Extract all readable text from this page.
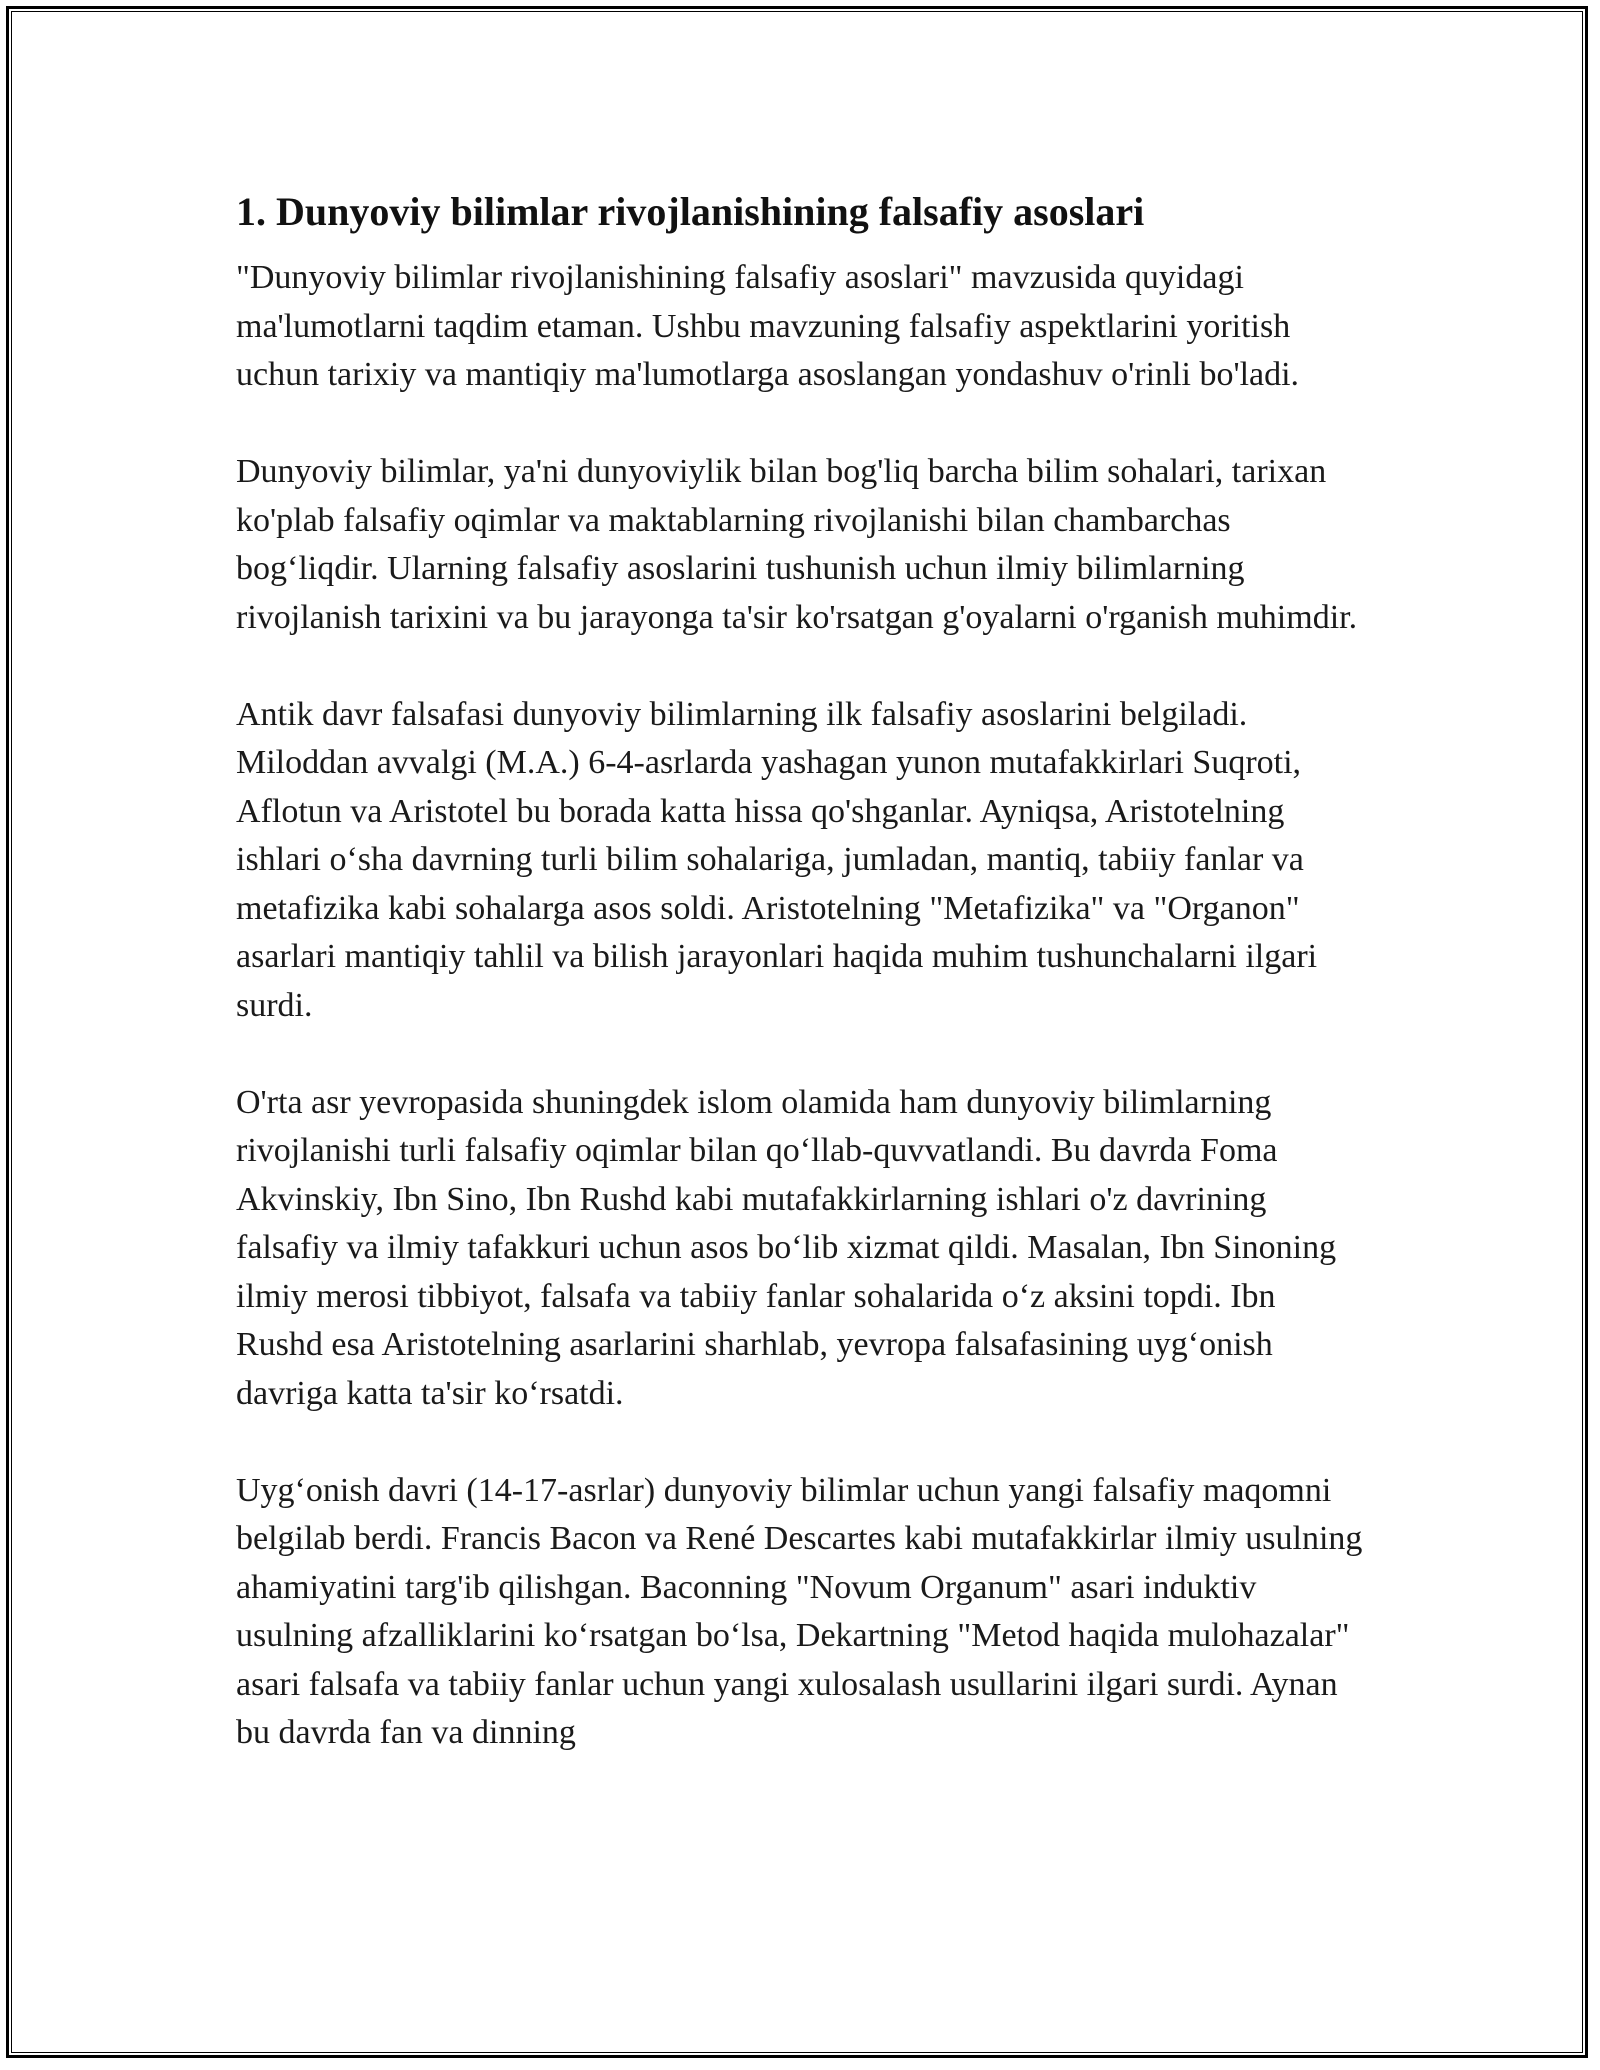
1. Dunyoviy bilimlar rivojlanishining falsafiy asoslari

"Dunyoviy bilimlar rivojlanishining falsafiy asoslari" mavzusida quyidagi ma'lumotlarni taqdim etaman. Ushbu mavzuning falsafiy aspektlarini yoritish uchun tarixiy va mantiqiy ma'lumotlarga asoslangan yondashuv o'rinli bo'ladi.

Dunyoviy bilimlar, ya'ni dunyoviylik bilan bog'liq barcha bilim sohalari, tarixan ko'plab falsafiy oqimlar va maktablarning rivojlanishi bilan chambarchas bog‘liqdir. Ularning falsafiy asoslarini tushunish uchun ilmiy bilimlarning rivojlanish tarixini va bu jarayonga ta'sir ko'rsatgan g'oyalarni o'rganish muhimdir.

Antik davr falsafasi dunyoviy bilimlarning ilk falsafiy asoslarini belgiladi. Miloddan avvalgi (M.A.) 6-4-asrlarda yashagan yunon mutafakkirlari Suqroti, Aflotun va Aristotel bu borada katta hissa qo'shganlar. Ayniqsa, Aristotelning ishlari o‘sha davrning turli bilim sohalariga, jumladan, mantiq, tabiiy fanlar va metafizika kabi sohalarga asos soldi. Aristotelning "Metafizika" va "Organon" asarlari mantiqiy tahlil va bilish jarayonlari haqida muhim tushunchalarni ilgari surdi.

O'rta asr yevropasida shuningdek islom olamida ham dunyoviy bilimlarning rivojlanishi turli falsafiy oqimlar bilan qo‘llab-quvvatlandi. Bu davrda Foma Akvinskiy, Ibn Sino, Ibn Rushd kabi mutafakkirlarning ishlari o'z davrining falsafiy va ilmiy tafakkuri uchun asos bo‘lib xizmat qildi. Masalan, Ibn Sinoning ilmiy merosi tibbiyot, falsafa va tabiiy fanlar sohalarida o‘z aksini topdi. Ibn Rushd esa Aristotelning asarlarini sharhlab, yevropa falsafasining uyg‘onish davriga katta ta'sir ko‘rsatdi.

Uyg‘onish davri (14-17-asrlar) dunyoviy bilimlar uchun yangi falsafiy maqomni belgilab berdi. Francis Bacon va René Descartes kabi mutafakkirlar ilmiy usulning ahamiyatini targ'ib qilishgan. Baconning "Novum Organum" asari induktiv usulning afzalliklarini ko‘rsatgan bo‘lsa, Dekartning "Metod haqida mulohazalar" asari falsafa va tabiiy fanlar uchun yangi xulosalash usullarini ilgari surdi. Aynan bu davrda fan va dinning
